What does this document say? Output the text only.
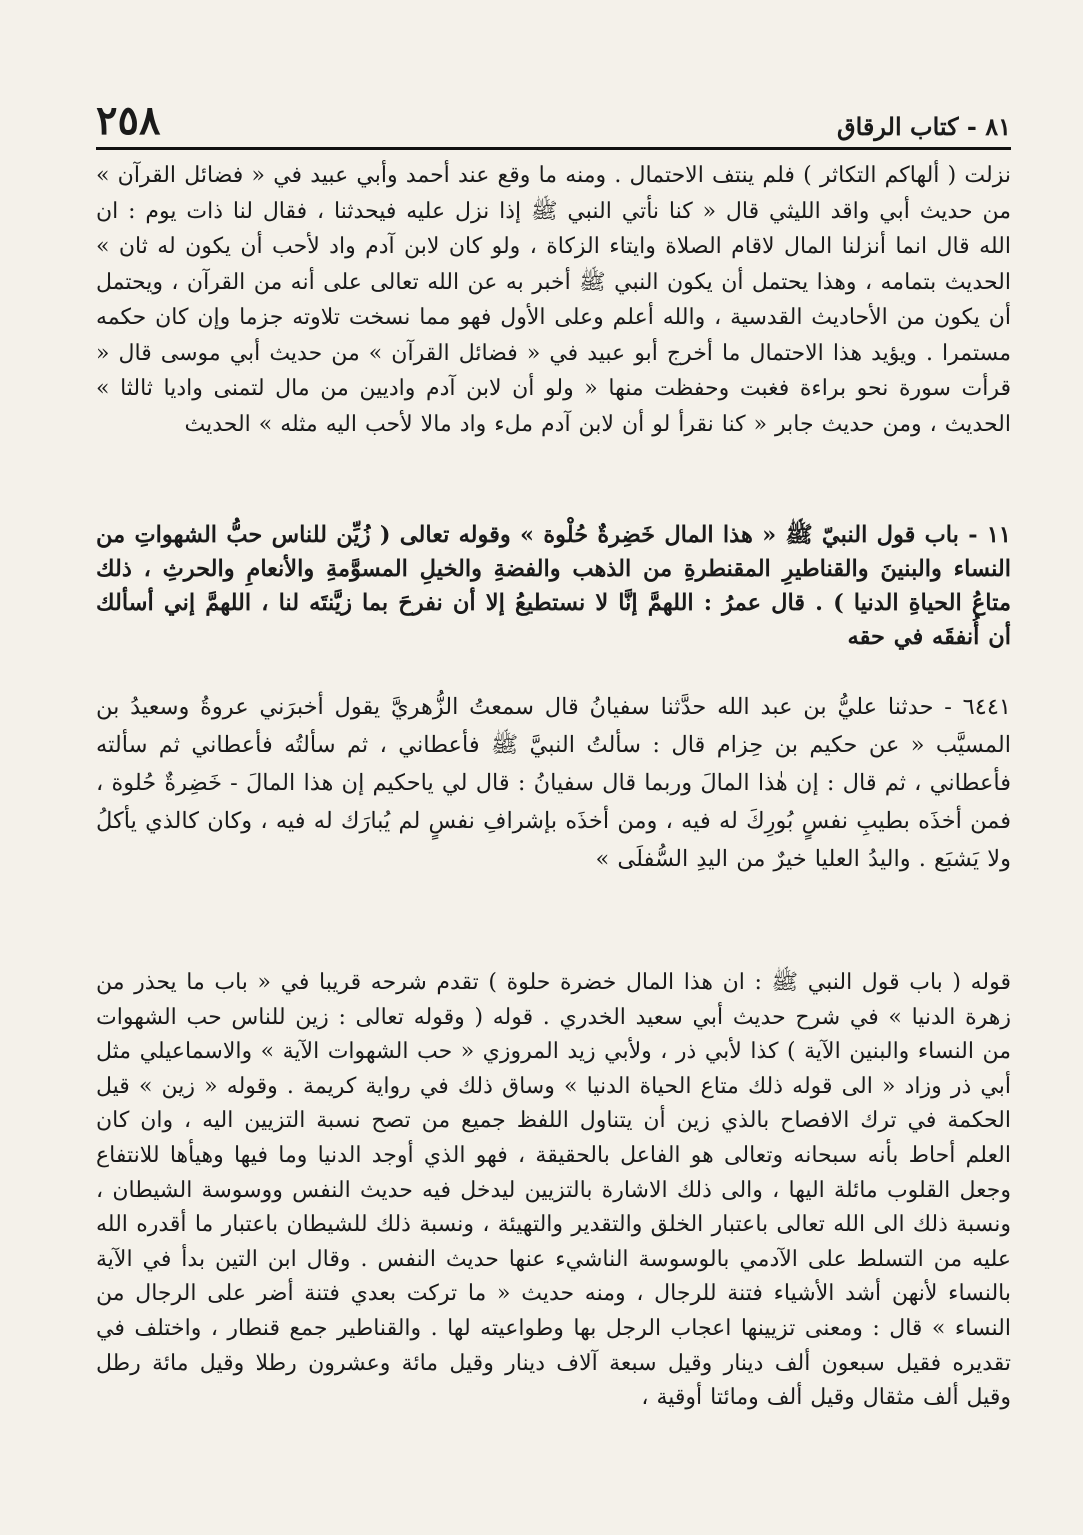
٢٥٨	٨١ - كتاب الرقاق
نزلت ( ألهاكم التكاثر ) فلم ينتف الاحتمال . ومنه ما وقع عند أحمد وأبي عبيد في « فضائل القرآن » من حديث أبي واقد الليثي قال « كنا نأتي النبي ﷺ إذا نزل عليه فيحدثنا ، فقال لنا ذات يوم : ان الله قال انما أنزلنا المال لاقام الصلاة وايتاء الزكاة ، ولو كان لابن آدم واد لأحب أن يكون له ثان » الحديث بتمامه ، وهذا يحتمل أن يكون النبي ﷺ أخبر به عن الله تعالى على أنه من القرآن ، ويحتمل أن يكون من الأحاديث القدسية ، والله أعلم وعلى الأول فهو مما نسخت تلاوته جزما وإن كان حكمه مستمرا . ويؤيد هذا الاحتمال ما أخرج أبو عبيد في « فضائل القرآن » من حديث أبي موسى قال « قرأت سورة نحو براءة فغبت وحفظت منها « ولو أن لابن آدم واديين من مال لتمنى واديا ثالثا » الحديث ، ومن حديث جابر « كنا نقرأ لو أن لابن آدم ملء واد مالا لأحب اليه مثله » الحديث
١١ - باب قول النبيّ ﷺ « هذا المال خَضِرةٌ حُلْوة » وقوله تعالى ( زُيِّن للناس حبُّ الشهواتِ من النساء والبنينَ والقناطيرِ المقنطرةِ من الذهب والفضةِ والخيلِ المسوَّمةِ والأنعامِ والحرثِ ، ذلك متاعُ الحياةِ الدنيا ) . قال عمرُ : اللهمَّ إنَّا لا نستطيعُ إلا أن نفرحَ بما زيَّنتَه لنا ، اللهمَّ إني أسألك أن أُنفقَه في حقه
٦٤٤١ - حدثنا عليُّ بن عبد الله حدَّثنا سفيانُ قال سمعتُ الزُّهريَّ يقول أخبرَني عروةُ وسعيدُ بن المسيَّب « عن حكيم بن حِزام قال : سألتُ النبيَّ ﷺ فأعطاني ، ثم سألتُه فأعطاني ثم سألته فأعطاني ، ثم قال : إن هٰذا المالَ وربما قال سفيانُ : قال لي ياحكيم إن هذا المالَ - خَضِرةٌ حُلوة ، فمن أخذَه بطيبِ نفسٍ بُورِكَ له فيه ، ومن أخذَه بإشرافِ نفسٍ لم يُبارَك له فيه ، وكان كالذي يأكلُ ولا يَشبَع . واليدُ العليا خيرٌ من اليدِ السُّفلَى »
قوله ( باب قول النبي ﷺ : ان هذا المال خضرة حلوة ) تقدم شرحه قريبا في « باب ما يحذر من زهرة الدنيا » في شرح حديث أبي سعيد الخدري . قوله ( وقوله تعالى : زين للناس حب الشهوات من النساء والبنين الآية ) كذا لأبي ذر ، ولأبي زيد المروزي « حب الشهوات الآية » والاسماعيلي مثل أبي ذر وزاد « الى قوله ذلك متاع الحياة الدنيا » وساق ذلك في رواية كريمة . وقوله « زين » قيل الحكمة في ترك الافصاح بالذي زين أن يتناول اللفظ جميع من تصح نسبة التزيين اليه ، وان كان العلم أحاط بأنه سبحانه وتعالى هو الفاعل بالحقيقة ، فهو الذي أوجد الدنيا وما فيها وهيأها للانتفاع وجعل القلوب مائلة اليها ، والى ذلك الاشارة بالتزيين ليدخل فيه حديث النفس ووسوسة الشيطان ، ونسبة ذلك الى الله تعالى باعتبار الخلق والتقدير والتهيئة ، ونسبة ذلك للشيطان باعتبار ما أقدره الله عليه من التسلط على الآدمي بالوسوسة الناشيء عنها حديث النفس . وقال ابن التين بدأ في الآية بالنساء لأنهن أشد الأشياء فتنة للرجال ، ومنه حديث « ما تركت بعدي فتنة أضر على الرجال من النساء » قال : ومعنى تزيينها اعجاب الرجل بها وطواعيته لها . والقناطير جمع قنطار ، واختلف في تقديره فقيل سبعون ألف دينار وقيل سبعة آلاف دينار وقيل مائة وعشرون رطلا وقيل مائة رطل وقيل ألف مثقال وقيل ألف ومائتا أوقية ،
